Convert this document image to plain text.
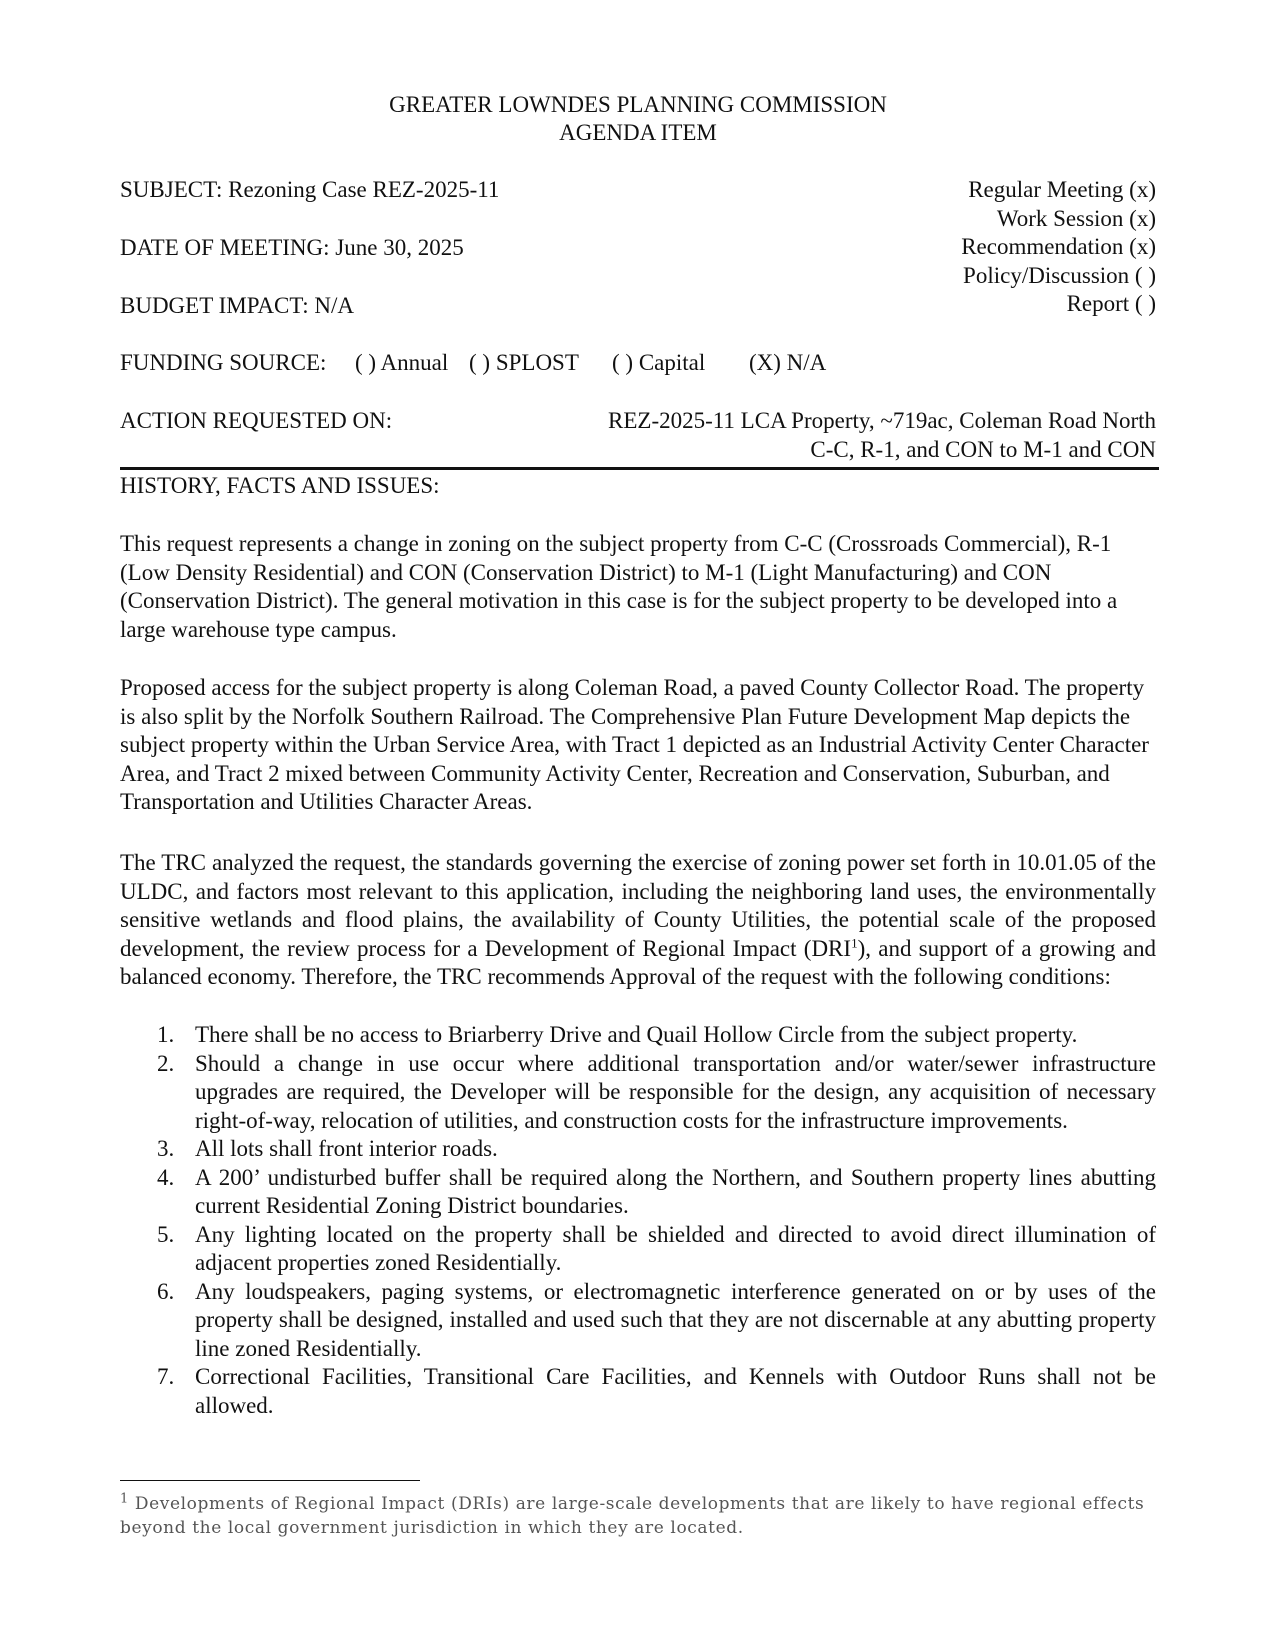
GREATER LOWNDES PLANNING COMMISSION
AGENDA ITEM
SUBJECT: Rezoning Case REZ-2025-11
DATE OF MEETING: June 30, 2025
BUDGET IMPACT: N/A
Regular Meeting (x)
Work Session (x)
Recommendation (x)
Policy/Discussion ( )
Report ( )
FUNDING SOURCE: ( ) Annual ( ) SPLOST ( ) Capital (X) N/A
ACTION REQUESTED ON:	REZ-2025-11 LCA Property, ~719ac, Coleman Road North
C-C, R-1, and CON to M-1 and CON
HISTORY, FACTS AND ISSUES:
This request represents a change in zoning on the subject property from C-C (Crossroads Commercial), R-1 (Low Density Residential) and CON (Conservation District) to M-1 (Light Manufacturing) and CON (Conservation District). The general motivation in this case is for the subject property to be developed into a large warehouse type campus.
Proposed access for the subject property is along Coleman Road, a paved County Collector Road. The property is also split by the Norfolk Southern Railroad. The Comprehensive Plan Future Development Map depicts the subject property within the Urban Service Area, with Tract 1 depicted as an Industrial Activity Center Character Area, and Tract 2 mixed between Community Activity Center, Recreation and Conservation, Suburban, and Transportation and Utilities Character Areas.
The TRC analyzed the request, the standards governing the exercise of zoning power set forth in 10.01.05 of the ULDC, and factors most relevant to this application, including the neighboring land uses, the environmentally sensitive wetlands and flood plains, the availability of County Utilities, the potential scale of the proposed development, the review process for a Development of Regional Impact (DRI$^1$), and support of a growing and balanced economy. Therefore, the TRC recommends Approval of the request with the following conditions:
1. There shall be no access to Briarberry Drive and Quail Hollow Circle from the subject property.
2. Should a change in use occur where additional transportation and/or water/sewer infrastructure upgrades are required, the Developer will be responsible for the design, any acquisition of necessary right-of-way, relocation of utilities, and construction costs for the infrastructure improvements.
3. All lots shall front interior roads.
4. A 200’ undisturbed buffer shall be required along the Northern, and Southern property lines abutting current Residential Zoning District boundaries.
5. Any lighting located on the property shall be shielded and directed to avoid direct illumination of adjacent properties zoned Residentially.
6. Any loudspeakers, paging systems, or electromagnetic interference generated on or by uses of the property shall be designed, installed and used such that they are not discernable at any abutting property line zoned Residentially.
7. Correctional Facilities, Transitional Care Facilities, and Kennels with Outdoor Runs shall not be allowed.
$^1$ Developments of Regional Impact (DRIs) are large-scale developments that are likely to have regional effects beyond the local government jurisdiction in which they are located.
